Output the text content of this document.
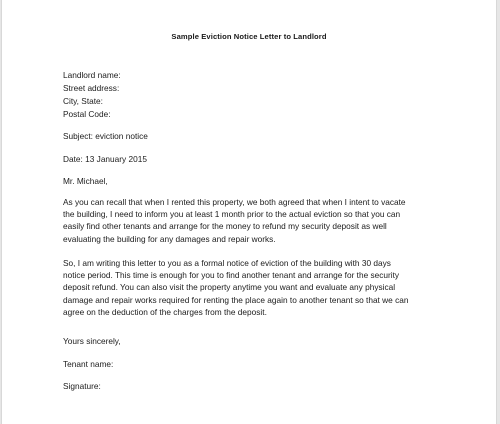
Sample Eviction Notice Letter to Landlord
Landlord name:
Street address:
City, State:
Postal Code:
Subject: eviction notice
Date: 13 January 2015
Mr. Michael,
As you can recall that when I rented this property, we both agreed that when I intent to vacate
the building, I need to inform you at least 1 month prior to the actual eviction so that you can
easily find other tenants and arrange for the money to refund my security deposit as well
evaluating the building for any damages and repair works.
So, I am writing this letter to you as a formal notice of eviction of the building with 30 days
notice period. This time is enough for you to find another tenant and arrange for the security
deposit refund. You can also visit the property anytime you want and evaluate any physical
damage and repair works required for renting the place again to another tenant so that we can
agree on the deduction of the charges from the deposit.
Yours sincerely,
Tenant name:
Signature:
